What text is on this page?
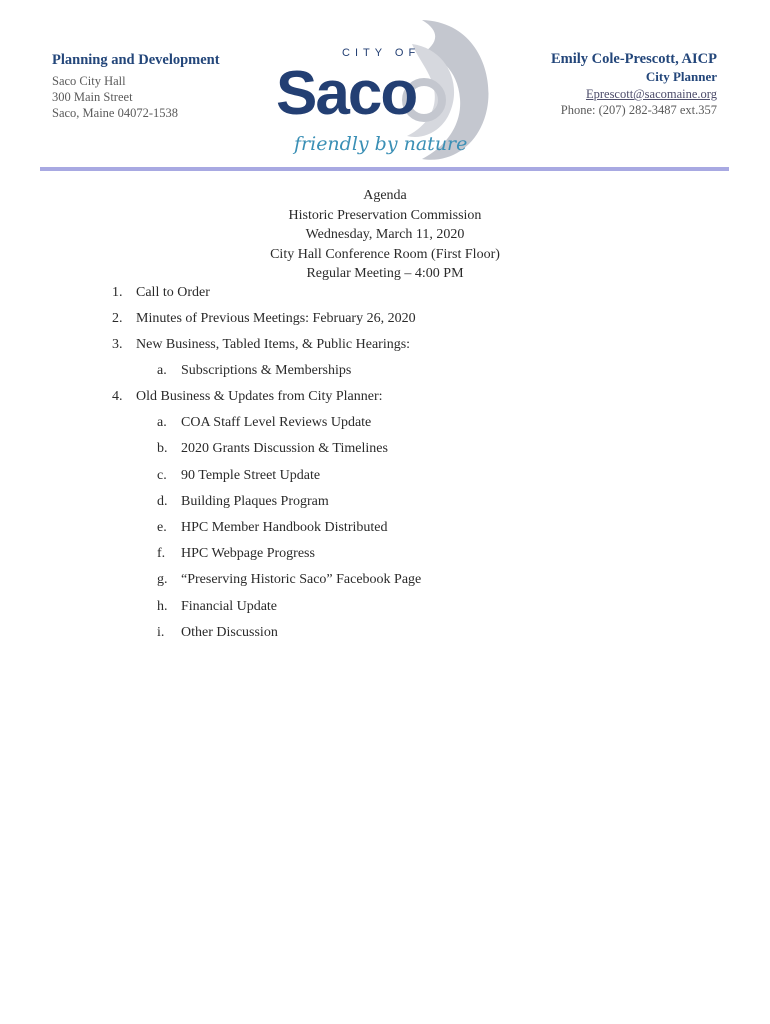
Planning and Development
Saco City Hall
300 Main Street
Saco, Maine 04072-1538
CITY OF
Saco
friendly by nature
Emily Cole-Prescott, AICP
City Planner
Eprescott@sacomaine.org
Phone: (207) 282-3487 ext.357
Agenda
Historic Preservation Commission
Wednesday, March 11, 2020
City Hall Conference Room (First Floor)
Regular Meeting – 4:00 PM
1. Call to Order
2. Minutes of Previous Meetings: February 26, 2020
3. New Business, Tabled Items, & Public Hearings:
a.	Subscriptions & Memberships
4. Old Business & Updates from City Planner:
a.	COA Staff Level Reviews Update
b. 2020 Grants Discussion & Timelines
c.	90 Temple Street Update
d. Building Plaques Program
e.	HPC Member Handbook Distributed
f.	HPC Webpage Progress
g. “Preserving Historic Saco” Facebook Page
h. Financial Update
i.	Other Discussion
